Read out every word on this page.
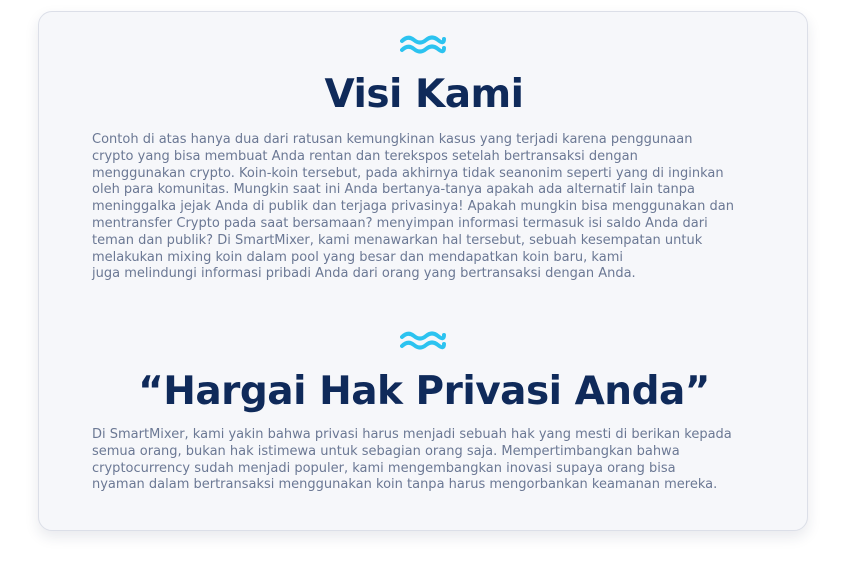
Visi Kami

Contoh di atas hanya dua dari ratusan kemungkinan kasus yang terjadi karena penggunaan
crypto yang bisa membuat Anda rentan dan terekspos setelah bertransaksi dengan
menggunakan crypto. Koin-koin tersebut, pada akhirnya tidak seanonim seperti yang di inginkan
oleh para komunitas. Mungkin saat ini Anda bertanya-tanya apakah ada alternatif lain tanpa
meninggalka jejak Anda di publik dan terjaga privasinya! Apakah mungkin bisa menggunakan dan
mentransfer Crypto pada saat bersamaan? menyimpan informasi termasuk isi saldo Anda dari
teman dan publik? Di SmartMixer, kami menawarkan hal tersebut, sebuah kesempatan untuk
melakukan mixing koin dalam pool yang besar dan mendapatkan koin baru, kami
juga melindungi informasi pribadi Anda dari orang yang bertransaksi dengan Anda.

“Hargai Hak Privasi Anda”

Di SmartMixer, kami yakin bahwa privasi harus menjadi sebuah hak yang mesti di berikan kepada
semua orang, bukan hak istimewa untuk sebagian orang saja. Mempertimbangkan bahwa
cryptocurrency sudah menjadi populer, kami mengembangkan inovasi supaya orang bisa
nyaman dalam bertransaksi menggunakan koin tanpa harus mengorbankan keamanan mereka.
